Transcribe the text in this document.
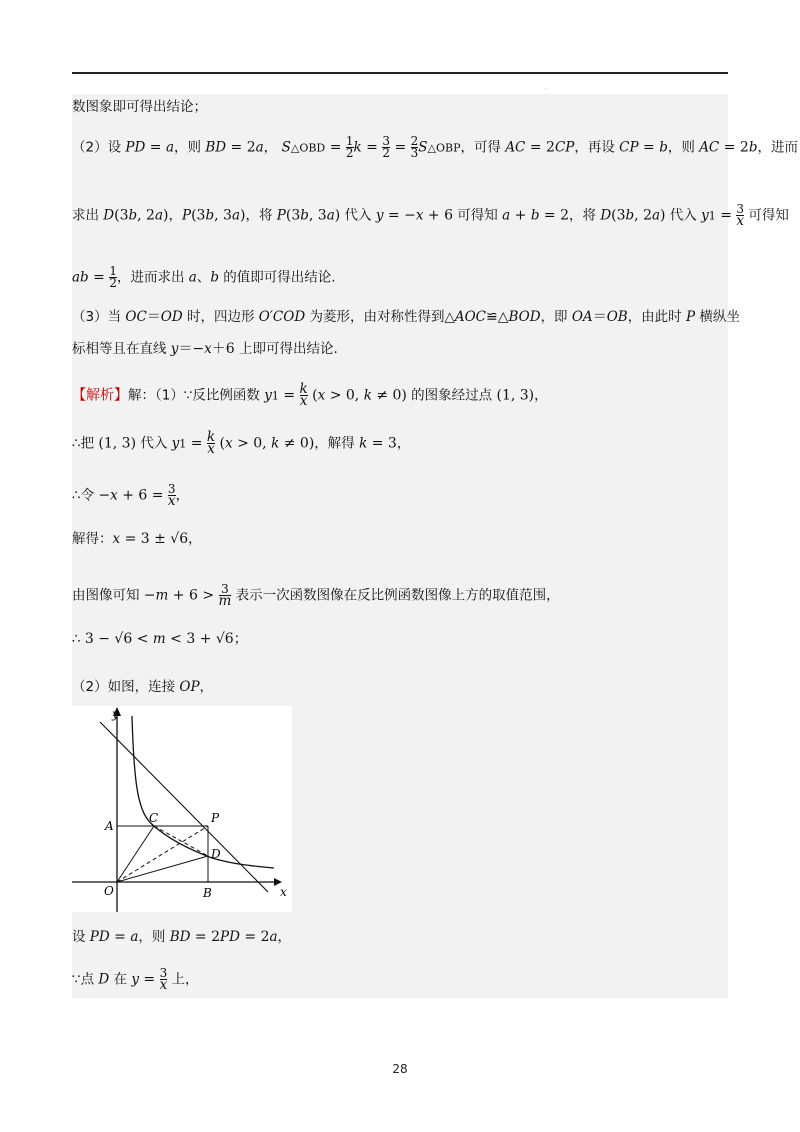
.
数图象即可得出结论；
（2）设 PD = a，则 BD = 2a， S△OBD = $\frac{1}{2}$ $k = \frac{3}{2} = \frac{2}{3}$ S△OBP，可得 AC = 2CP，再设 CP = b，则 AC = 2b，进而
求出 D(3b, 2a)，P(3b, 3a)，将 P(3b, 3a) 代入 y = −x + 6 可得知 a + b = 2，将 D(3b, 2a) 代入 $y1 = \frac{3}{x}$ 可得知
ab = $\frac{1}{2}$ ，进而求出 a、b 的值即可得出结论.
（3）当 OC＝OD 时，四边形 O′COD 为菱形，由对称性得到△AOC≌△BOD，即 OA＝OB，由此时 P 横纵坐
标相等且在直线 y＝−x＋6 上即可得出结论.
【解析】解：（1）∵反比例函数 $y1 = \frac{k}{x} (x > 0$, k ≠ 0) 的图象经过点 (1, 3)，
∴把 (1, 3) 代入 $y1 = \frac{k}{x} (x > 0$, k ≠ 0)，解得 k = 3，
∴令 $-x + 6 = \frac{3}{x}$ ，
解得：x = 3 ± √6，
由图像可知 $-m + 6 > \frac{3}{m}$ 表示一次函数图像在反比例函数图像上方的取值范围，
∴ 3 − √6 < m < 3 + √6；
（2）如图，连接 OP，
y
x
O
A
B
C
D
P
设 PD = a，则 BD = 2PD = 2a，
∵点 D 在 $y = \frac{3}{x}$ 上，
28
